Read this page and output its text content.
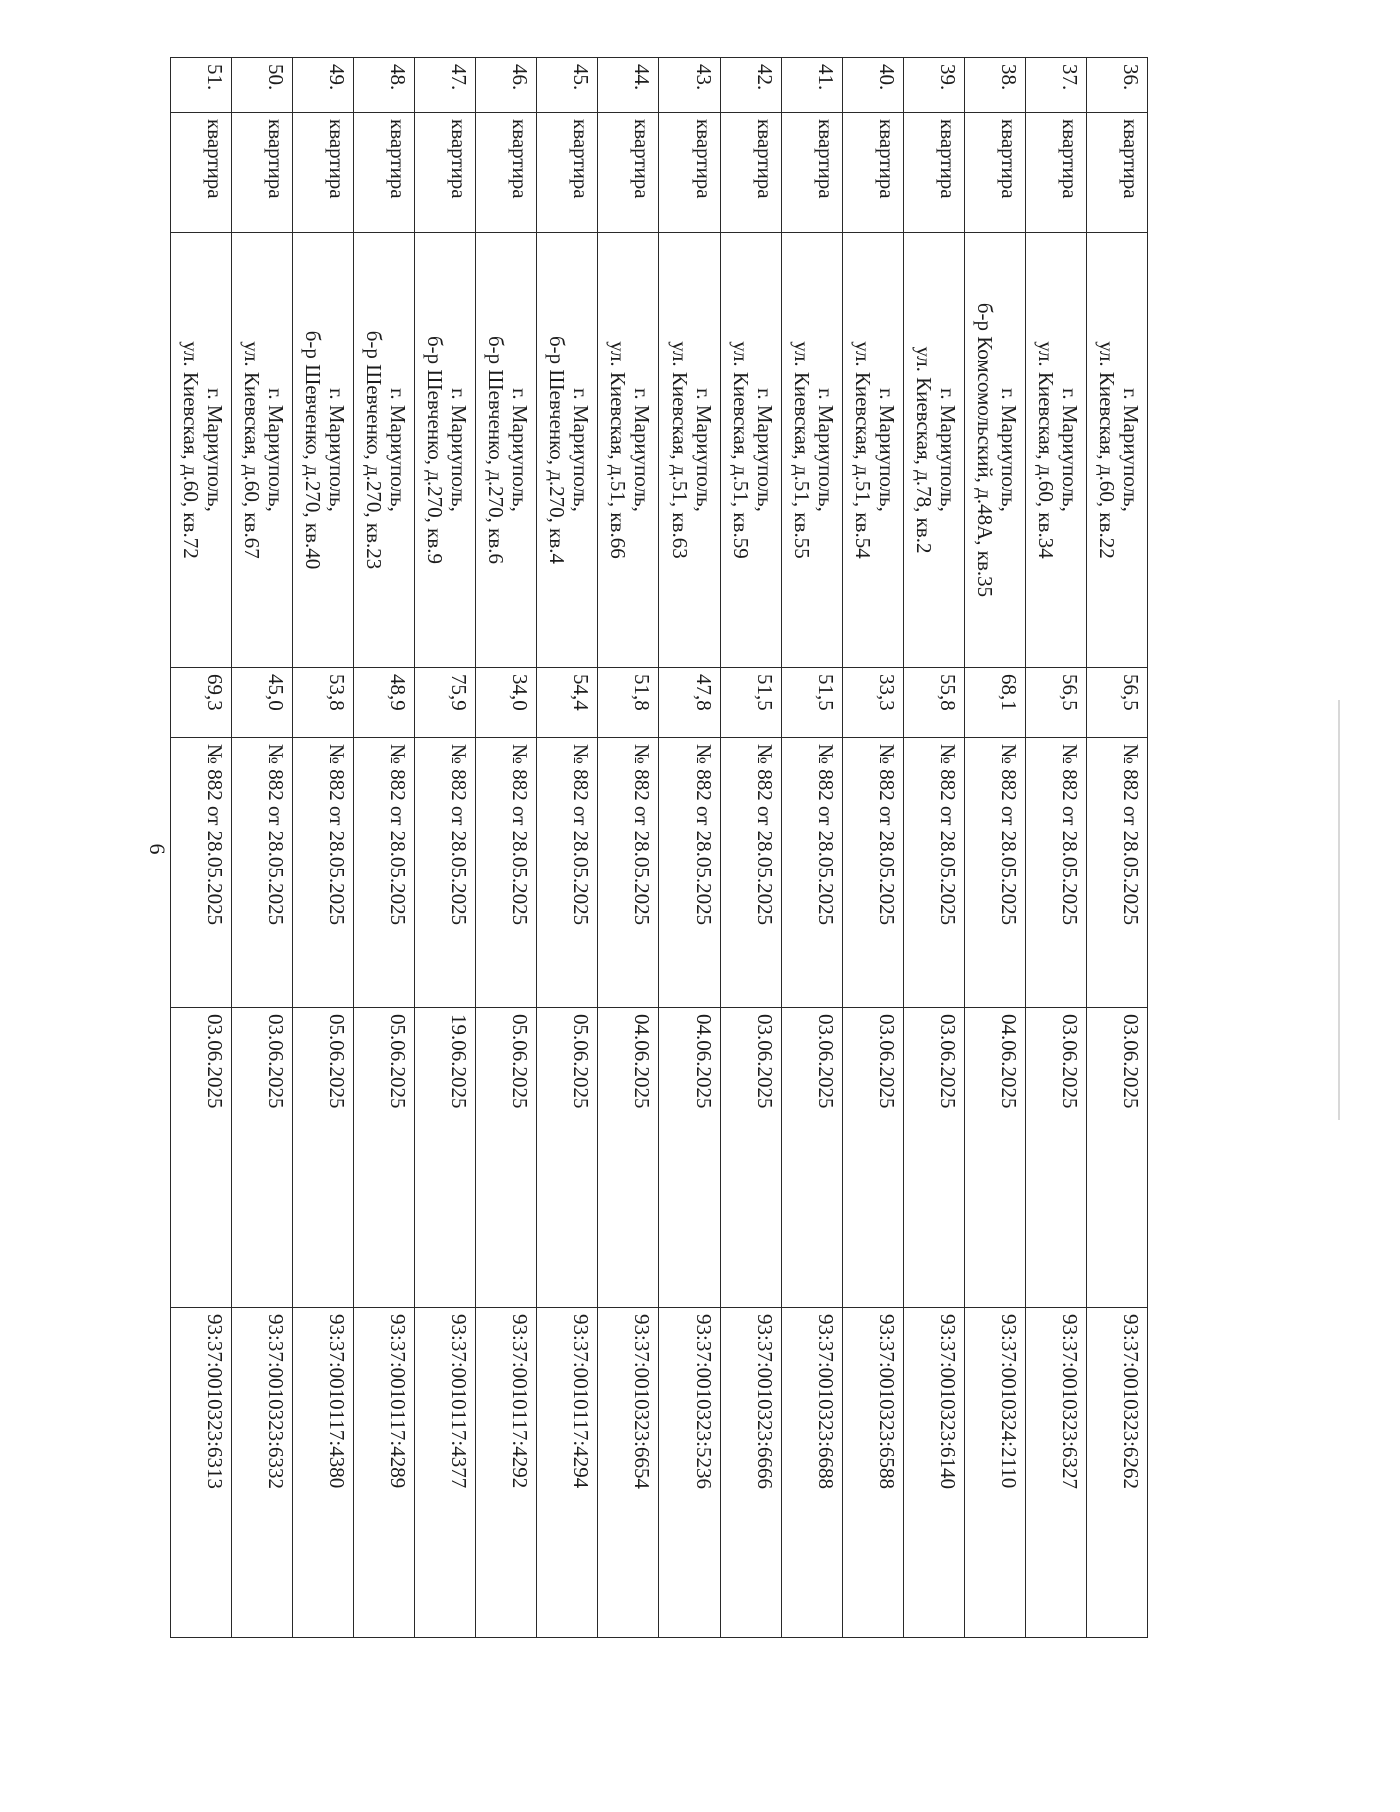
6
36.	квартира	г. Мариуполь,
ул. Киевская, д.60, кв.22	56,5	№ 882 от 28.05.2025	03.06.2025	93:37:0010323:6262
37.	квартира	г. Мариуполь,
ул. Киевская, д.60, кв.34	56,5	№ 882 от 28.05.2025	03.06.2025	93:37:0010323:6327
38.	квартира	г. Мариуполь,
б-р Комсомольский, д.48А, кв.35	68,1	№ 882 от 28.05.2025	04.06.2025	93:37:0010324:2110
39.	квартира	г. Мариуполь,
ул. Киевская, д.78, кв.2	55,8	№ 882 от 28.05.2025	03.06.2025	93:37:0010323:6140
40.	квартира	г. Мариуполь,
ул. Киевская, д.51, кв.54	33,3	№ 882 от 28.05.2025	03.06.2025	93:37:0010323:6588
41.	квартира	г. Мариуполь,
ул. Киевская, д.51, кв.55	51,5	№ 882 от 28.05.2025	03.06.2025	93:37:0010323:6688
42.	квартира	г. Мариуполь,
ул. Киевская, д.51, кв.59	51,5	№ 882 от 28.05.2025	03.06.2025	93:37:0010323:6666
43.	квартира	г. Мариуполь,
ул. Киевская, д.51, кв.63	47,8	№ 882 от 28.05.2025	04.06.2025	93:37:0010323:5236
44.	квартира	г. Мариуполь,
ул. Киевская, д.51, кв.66	51,8	№ 882 от 28.05.2025	04.06.2025	93:37:0010323:6654
45.	квартира	г. Мариуполь,
б-р Шевченко, д.270, кв.4	54,4	№ 882 от 28.05.2025	05.06.2025	93:37:0010117:4294
46.	квартира	г. Мариуполь,
б-р Шевченко, д.270, кв.6	34,0	№ 882 от 28.05.2025	05.06.2025	93:37:0010117:4292
47.	квартира	г. Мариуполь,
б-р Шевченко, д.270, кв.9	75,9	№ 882 от 28.05.2025	19.06.2025	93:37:0010117:4377
48.	квартира	г. Мариуполь,
б-р Шевченко, д.270, кв.23	48,9	№ 882 от 28.05.2025	05.06.2025	93:37:0010117:4289
49.	квартира	г. Мариуполь,
б-р Шевченко, д.270, кв.40	53,8	№ 882 от 28.05.2025	05.06.2025	93:37:0010117:4380
50.	квартира	г. Мариуполь,
ул. Киевская, д.60, кв.67	45,0	№ 882 от 28.05.2025	03.06.2025	93:37:0010323:6332
51.	квартира	г. Мариуполь,
ул. Киевская, д.60, кв.72	69,3	№ 882 от 28.05.2025	03.06.2025	93:37:0010323:6313
